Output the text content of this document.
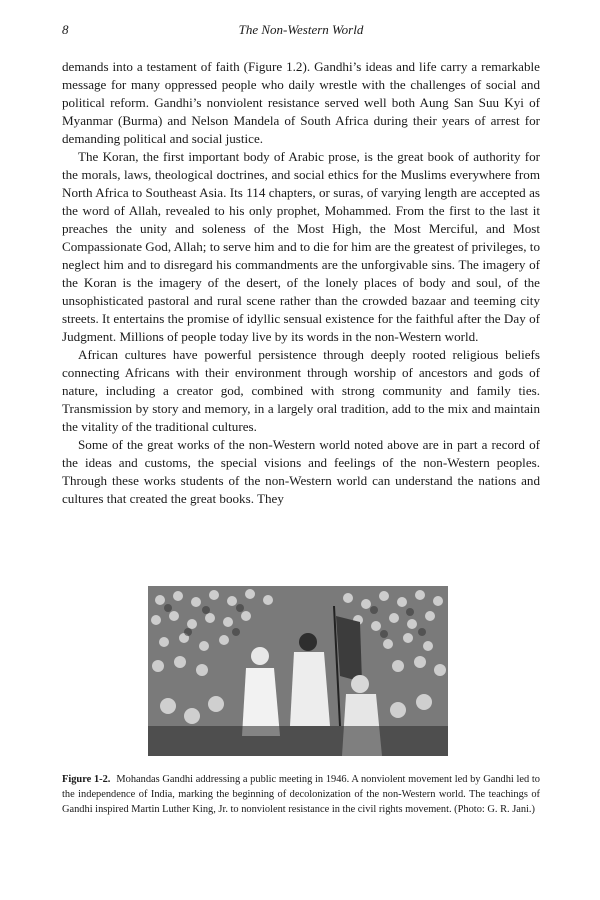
8	The Non-Western World

demands into a testament of faith (Figure 1.2). Gandhi’s ideas and life carry a remarkable message for many oppressed people who daily wrestle with the challenges of social and political reform. Gandhi’s nonviolent resistance served well both Aung San Suu Kyi of Myanmar (Burma) and Nelson Mandela of South Africa during their years of arrest for demanding political and social justice.

The Koran, the first important body of Arabic prose, is the great book of authority for the morals, laws, theological doctrines, and social ethics for the Muslims everywhere from North Africa to Southeast Asia. Its 114 chapters, or suras, of varying length are accepted as the word of Allah, revealed to his only prophet, Mohammed. From the first to the last it preaches the unity and soleness of the Most High, the Most Merciful, and Most Compassionate God, Allah; to serve him and to die for him are the greatest of privileges, to neglect him and to disregard his commandments are the unforgivable sins. The imagery of the Koran is the imagery of the desert, of the lonely places of body and soul, of the unsophisticated pastoral and rural scene rather than the crowded bazaar and teeming city streets. It entertains the promise of idyllic sensual existence for the faithful after the Day of Judgment. Millions of people today live by its words in the non-Western world.

African cultures have powerful persistence through deeply rooted religious beliefs connecting Africans with their environment through worship of ancestors and gods of nature, including a creator god, combined with strong community and family ties. Transmission by story and memory, in a largely oral tradition, add to the mix and maintain the vitality of the traditional cultures.

Some of the great works of the non-Western world noted above are in part a record of the ideas and customs, the special visions and feelings of the non-Western peoples. Through these works students of the non-Western world can understand the nations and cultures that created the great books. They

Figure 1-2. Mohandas Gandhi addressing a public meeting in 1946. A nonviolent movement led by Gandhi led to the independence of India, marking the beginning of decolonization of the non-Western world. The teachings of Gandhi inspired Martin Luther King, Jr. to nonviolent resistance in the civil rights movement. (Photo: G. R. Jani.)
